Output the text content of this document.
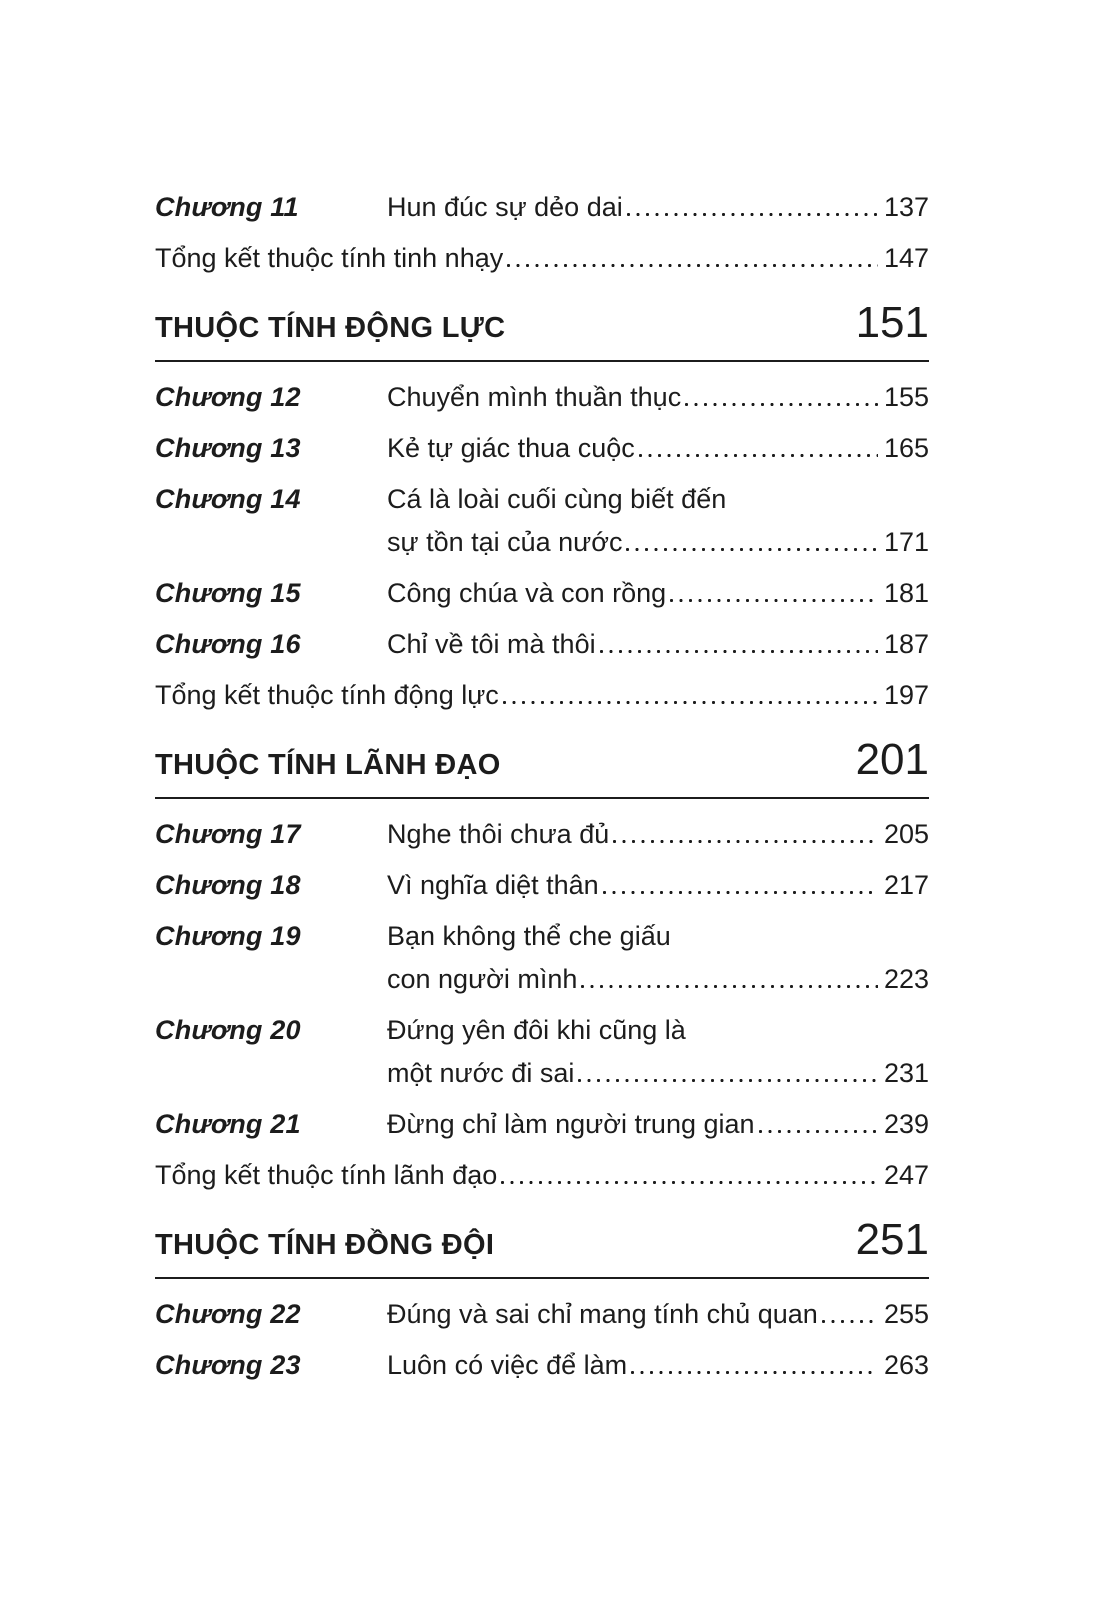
Chương 11	Hun đúc sự dẻo dai	137
Tổng kết thuộc tính tinh nhạy	147
THUỘC TÍNH ĐỘNG LỰC	151
Chương 12	Chuyển mình thuần thục	155
Chương 13	Kẻ tự giác thua cuộc	165
Chương 14	Cá là loài cuối cùng biết đến
sự tồn tại của nước	171
Chương 15	Công chúa và con rồng	181
Chương 16	Chỉ về tôi mà thôi	187
Tổng kết thuộc tính động lực	197
THUỘC TÍNH LÃNH ĐẠO	201
Chương 17	Nghe thôi chưa đủ	205
Chương 18	Vì nghĩa diệt thân	217
Chương 19	Bạn không thể che giấu
con người mình	223
Chương 20	Đứng yên đôi khi cũng là
một nước đi sai	231
Chương 21	Đừng chỉ làm người trung gian	239
Tổng kết thuộc tính lãnh đạo	247
THUỘC TÍNH ĐỒNG ĐỘI	251
Chương 22	Đúng và sai chỉ mang tính chủ quan 255
Chương 23	Luôn có việc để làm	263
